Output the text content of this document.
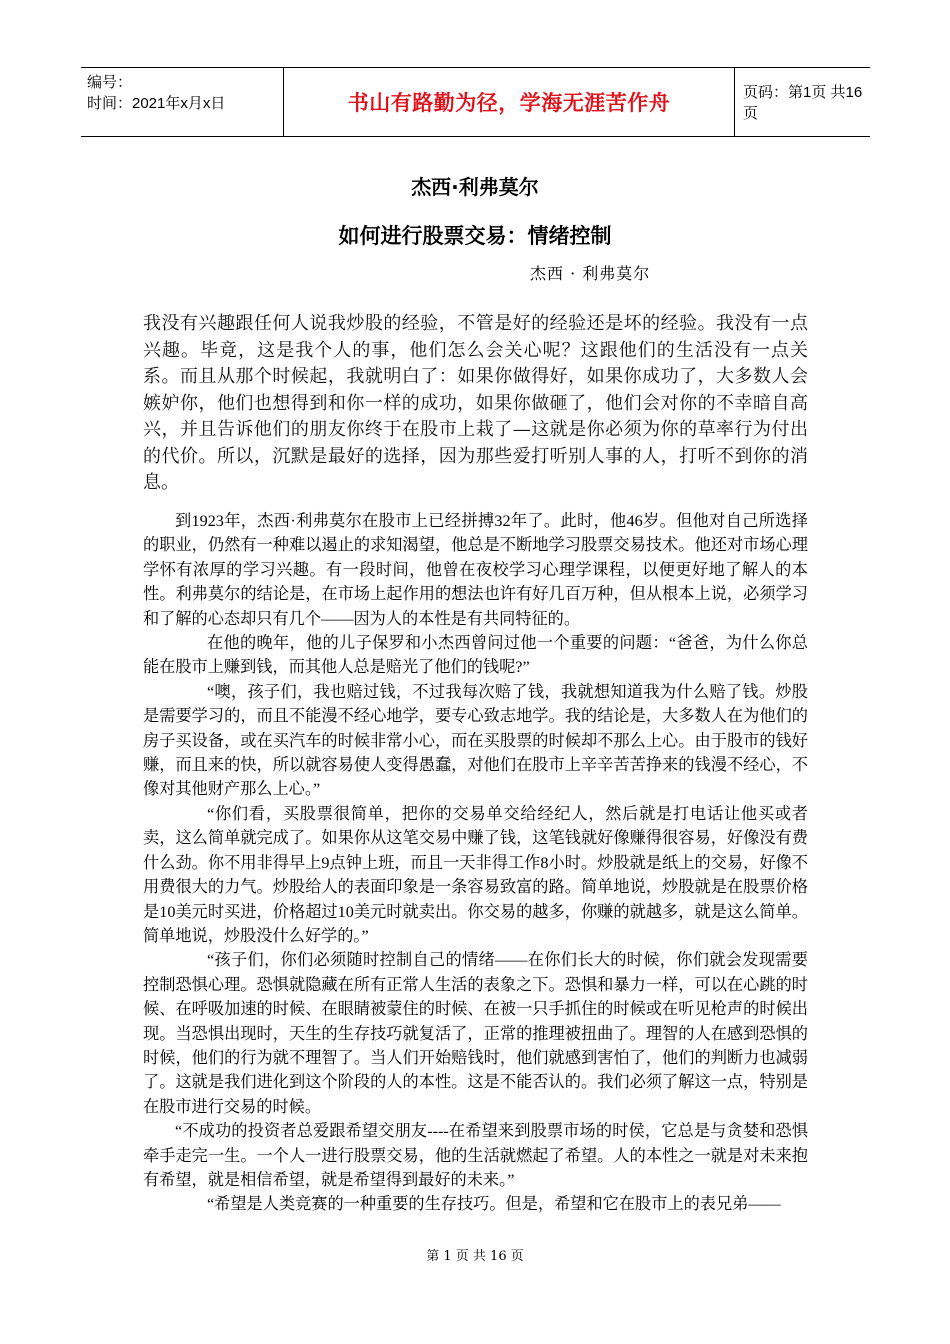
编号：
时间：2021年x月x日	书山有路勤为径，学海无涯苦作舟	页码：第1页 共16页
杰西·利弗莫尔
如何进行股票交易：情绪控制
杰西 · 利弗莫尔

我没有兴趣跟任何人说我炒股的经验，不管是好的经验还是坏的经验。我没有一点兴趣。毕竟，这是我个人的事，他们怎么会关心呢？这跟他们的生活没有一点关系。而且从那个时候起，我就明白了：如果你做得好，如果你成功了，大多数人会嫉妒你，他们也想得到和你一样的成功，如果你做砸了，他们会对你的不幸暗自高兴，并且告诉他们的朋友你终于在股市上栽了—这就是你必须为你的草率行为付出的代价。所以，沉默是最好的选择，因为那些爱打听别人事的人，打听不到你的消息。

到1923年，杰西·利弗莫尔在股市上已经拼搏32年了。此时，他46岁。但他对自己所选择的职业，仍然有一种难以遏止的求知渴望，他总是不断地学习股票交易技术。他还对市场心理学怀有浓厚的学习兴趣。有一段时间，他曾在夜校学习心理学课程，以便更好地了解人的本性。利弗莫尔的结论是，在市场上起作用的想法也许有好几百万种，但从根本上说，必须学习和了解的心态却只有几个——因为人的本性是有共同特征的。

在他的晚年，他的儿子保罗和小杰西曾问过他一个重要的问题：“爸爸，为什么你总能在股市上赚到钱，而其他人总是赔光了他们的钱呢?”

“噢，孩子们，我也赔过钱，不过我每次赔了钱，我就想知道我为什么赔了钱。炒股是需要学习的，而且不能漫不经心地学，要专心致志地学。我的结论是，大多数人在为他们的房子买设备，或在买汽车的时候非常小心，而在买股票的时候却不那么上心。由于股市的钱好赚，而且来的快，所以就容易使人变得愚蠢，对他们在股市上辛辛苦苦挣来的钱漫不经心，不像对其他财产那么上心。”

“你们看，买股票很简单，把你的交易单交给经纪人，然后就是打电话让他买或者卖，这么简单就完成了。如果你从这笔交易中赚了钱，这笔钱就好像赚得很容易，好像没有费什么劲。你不用非得早上9点钟上班，而且一天非得工作8小时。炒股就是纸上的交易，好像不用费很大的力气。炒股给人的表面印象是一条容易致富的路。简单地说，炒股就是在股票价格是10美元时买进，价格超过10美元时就卖出。你交易的越多，你赚的就越多，就是这么简单。简单地说，炒股没什么好学的。”

“孩子们，你们必须随时控制自己的情绪——在你们长大的时候，你们就会发现需要控制恐惧心理。恐惧就隐藏在所有正常人生活的表象之下。恐惧和暴力一样，可以在心跳的时候、在呼吸加速的时候、在眼睛被蒙住的时候、在被一只手抓住的时候或在听见枪声的时候出现。当恐惧出现时，天生的生存技巧就复活了，正常的推理被扭曲了。理智的人在感到恐惧的时候，他们的行为就不理智了。当人们开始赔钱时，他们就感到害怕了，他们的判断力也减弱了。这就是我们进化到这个阶段的人的本性。这是不能否认的。我们必须了解这一点，特别是在股市进行交易的时候。

“不成功的投资者总爱跟希望交朋友----在希望来到股票市场的时侯，它总是与贪婪和恐惧牵手走完一生。一个人一进行股票交易，他的生活就燃起了希望。人的本性之一就是对未来抱有希望，就是相信希望，就是希望得到最好的未来。”

“希望是人类竞赛的一种重要的生存技巧。但是，希望和它在股市上的表兄弟——

第 1 页 共 16 页
